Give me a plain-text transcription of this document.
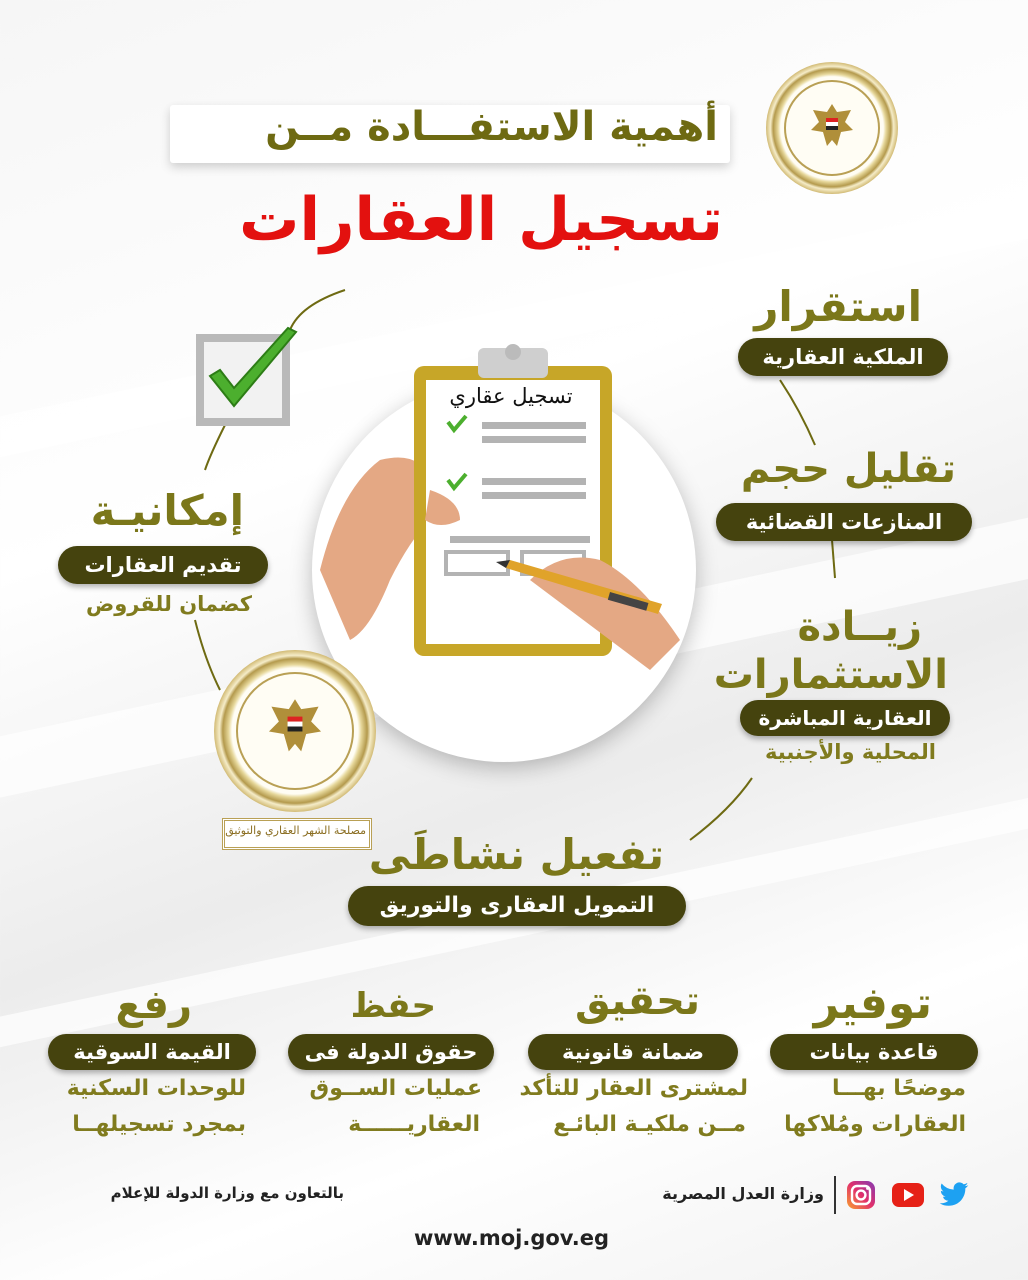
أهمية الاستفـــادة مــن
تسجيل العقارات
تسجيل عقاري
استقرار
الملكية العقارية
تقليل حجم
المنازعات القضائية
زيــادة
الاستثمارات
العقارية المباشرة
المحلية والأجنبية
إمكانيـة
تقديم العقارات
كضمان للقروض
مصلحة الشهر العقاري والتوثيق تفعيل نشاطَى
التمويل العقارى والتوريق
توفير
قاعدة بيانات
موضحًا بهـــا
العقارات ومُلاكها
تحقيق
ضمانة قانونية
لمشترى العقار للتأكد
مــن ملكيـة البائـع
حفظ
حقوق الدولة فى
عمليات الســوق
العقاريــــــة
رفع
القيمة السوقية
للوحدات السكنية
بمجرد تسجيلهــا
وزارة العدل المصرية
بالتعاون مع وزارة الدولة للإعلام
www.moj.gov.eg
